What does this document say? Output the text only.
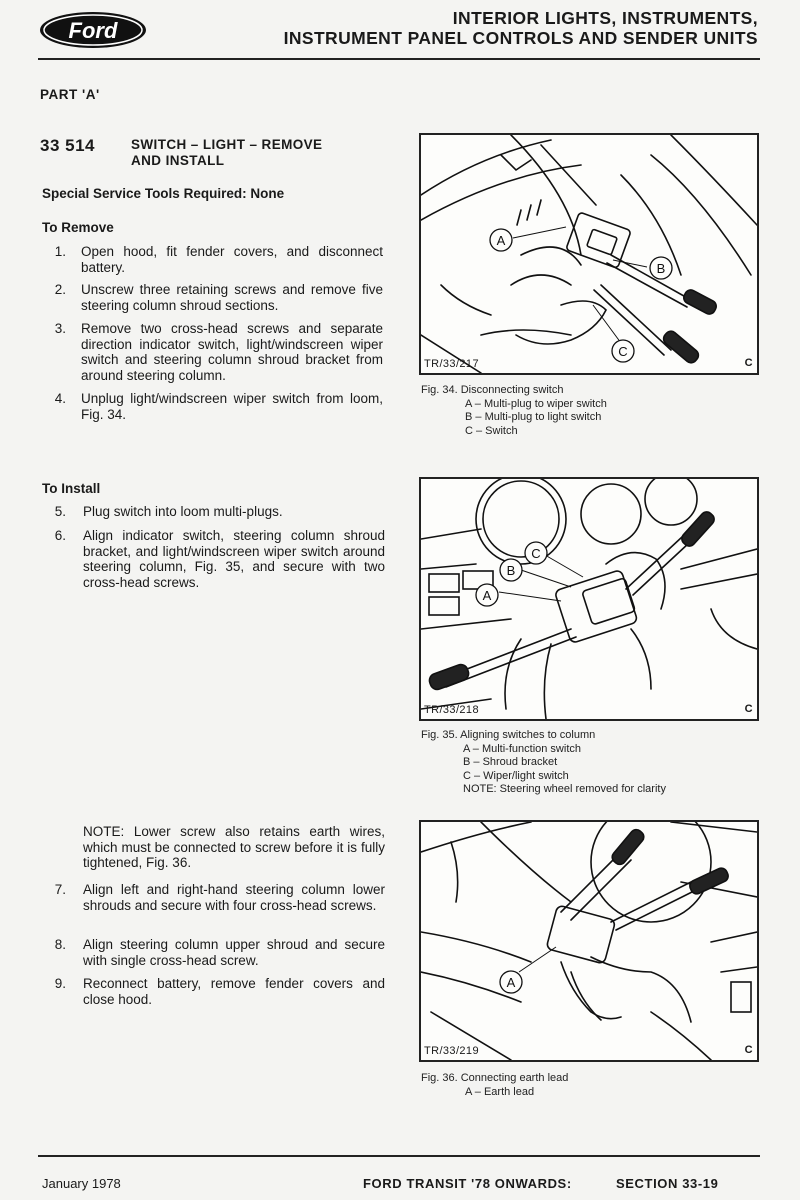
Ford	INTERIOR LIGHTS, INSTRUMENTS,
INSTRUMENT PANEL CONTROLS AND SENDER UNITS
PART 'A'
33 514	SWITCH – LIGHT – REMOVE
AND INSTALL
Special Service Tools Required: None
To Remove
1. Open hood, fit fender covers, and disconnect battery.
2. Unscrew three retaining screws and remove five steering column shroud sections.
3. Remove two cross-head screws and separate direction indicator switch, light/windscreen wiper switch and steering column shroud bracket from around steering column.
4. Unplug light/windscreen wiper switch from loom, Fig. 34.
To Install
5. Plug switch into loom multi-plugs.
6. Align indicator switch, steering column shroud bracket, and light/windscreen wiper switch around steering column, Fig. 35, and secure with two cross-head screws.
NOTE: Lower screw also retains earth wires, which must be connected to screw before it is fully tightened, Fig. 36.
7. Align left and right-hand steering column lower shrouds and secure with four cross-head screws.
8. Align steering column upper shroud and secure with single cross-head screw.
9. Reconnect battery, remove fender covers and close hood.
A
B
C
TR/33/217	C
Fig. 34. Disconnecting switch
A – Multi-plug to wiper switch
B – Multi-plug to light switch
C – Switch
A
B
C
TR/33/218	C
Fig. 35. Aligning switches to column
A – Multi-function switch
B – Shroud bracket
C – Wiper/light switch
NOTE: Steering wheel removed for clarity
A
TR/33/219	C
Fig. 36. Connecting earth lead
A – Earth lead
January 1978	FORD TRANSIT '78 ONWARDS:	SECTION 33-19
